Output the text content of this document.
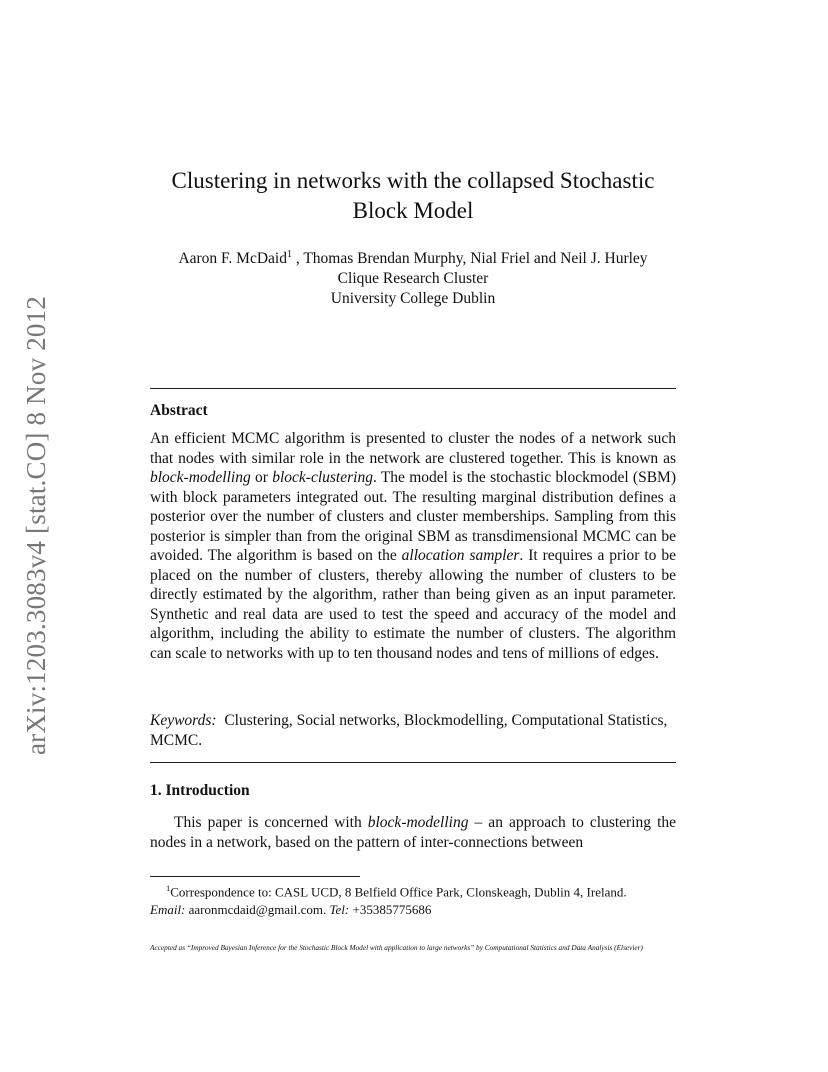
arXiv:1203.3083v4 [stat.CO] 8 Nov 2012
Clustering in networks with the collapsed Stochastic
Block Model
Aaron F. McDaid$^1$ , Thomas Brendan Murphy, Nial Friel and Neil J. Hurley
Clique Research Cluster
University College Dublin
Abstract

An efficient MCMC algorithm is presented to cluster the nodes of a network such that nodes with similar role in the network are clustered together. This is known as block-modelling or block-clustering. The model is the stochastic blockmodel (SBM) with block parameters integrated out. The resulting marginal distribution defines a posterior over the number of clusters and cluster memberships. Sampling from this posterior is simpler than from the original SBM as transdimensional MCMC can be avoided. The algorithm is based on the allocation sampler. It requires a prior to be placed on the number of clusters, thereby allowing the number of clusters to be directly estimated by the algorithm, rather than being given as an input parameter. Synthetic and real data are used to test the speed and accuracy of the model and algorithm, including the ability to estimate the number of clusters. The algorithm can scale to networks with up to ten thousand nodes and tens of millions of edges.

Keywords: Clustering, Social networks, Blockmodelling, Computational Statistics, MCMC.

1. Introduction

This paper is concerned with block-modelling – an approach to clustering the nodes in a network, based on the pattern of inter-connections between

$^1$Correspondence to: CASL UCD, 8 Belfield Office Park, Clonskeagh, Dublin 4, Ireland.
Email: aaronmcdaid@gmail.com. Tel: +35385775686
Accepted as “Improved Bayesian Inference for the Stochastic Block Model with application to large networks” by Computational Statistics and Data Analysis (Elsevier)
